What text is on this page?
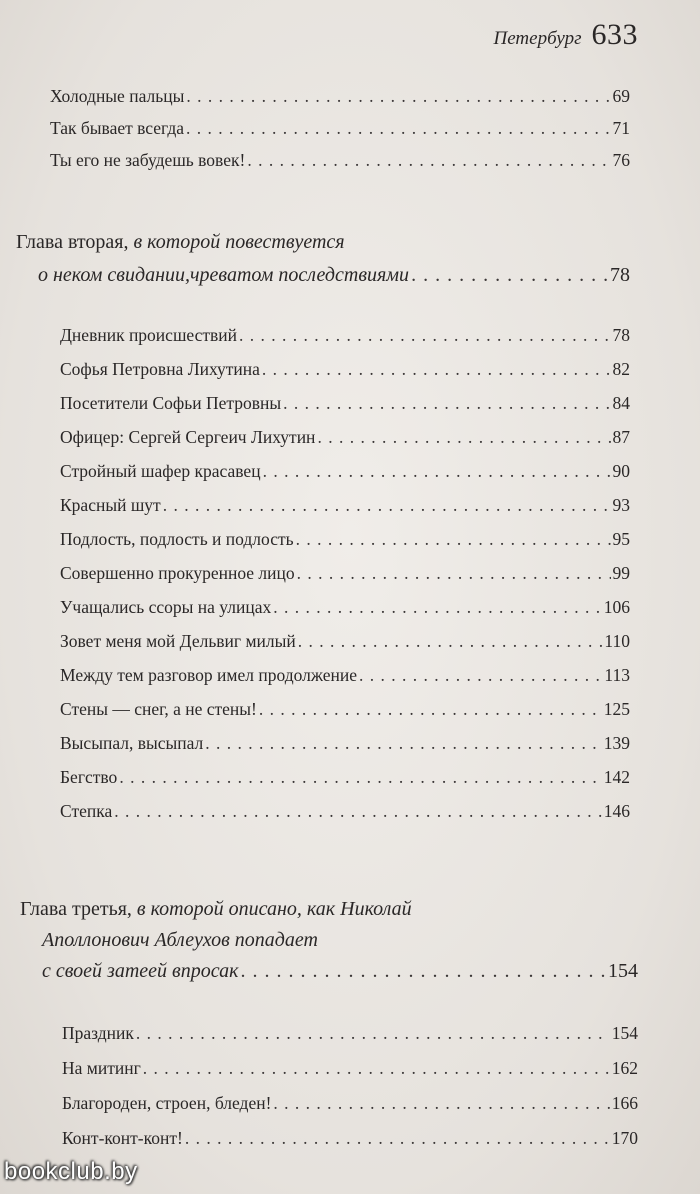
Петербург 633
Холодные пальцы . . .	69
Так бывает всегда . . .	71
Ты его не забудешь вовек! . . .	76
Глава вторая, в которой повествуется
о неком свидании,чреватом последствиями . . .	78
Дневник происшествий . . .	78
Софья Петровна Лихутина . . .	82
Посетители Софьи Петровны . . .	84
Офицер: Сергей Сергеич Лихутин . . .	87
Стройный шафер красавец . . .	90
Красный шут . . .	93
Подлость, подлость и подлость . . .	95
Совершенно прокуренное лицо . . .	99
Учащались ссоры на улицах . . .	106
Зовет меня мой Дельвиг милый . . .	110
Между тем разговор имел продолжение . . .	113
Стены — снег, а не стены! . . .	125
Высыпал, высыпал . . .	139
Бегство . . .	142
Степка . . .	146
Глава третья, в которой описано, как Николай
Аполлонович Аблеухов попадает
с своей затеей впросак . . .	154
Праздник . . .	154
На митинг . . .	162
Благороден, строен, бледен! . . .	166
Конт-конт-конт! . . .	170
bookclub.by
